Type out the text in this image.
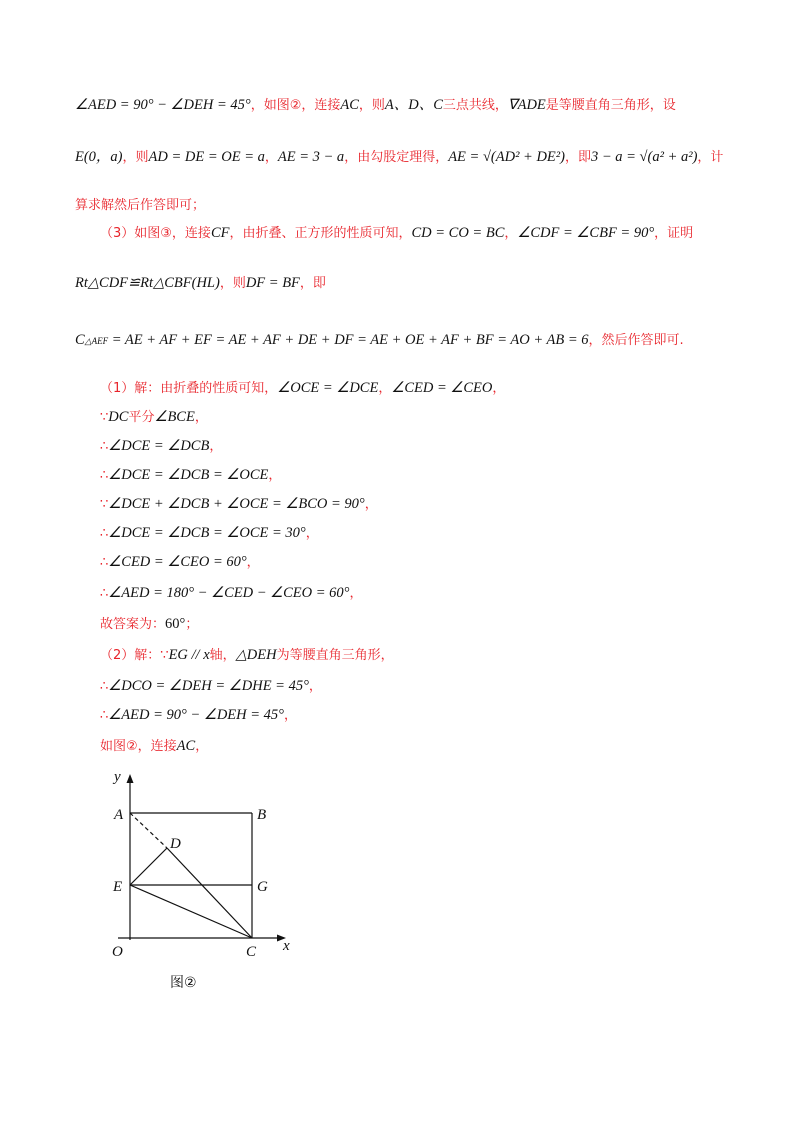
∠AED = 90° − ∠DEH = 45°，如图②，连接AC，则A、D、C三点共线，∇ADE是等腰直角三角形，设
E(0，a)，则AD = DE = OE = a，AE = 3 − a，由勾股定理得，AE = √(AD² + DE²)，即3 − a = √(a² + a²)，计
算求解然后作答即可；
（3）如图③，连接CF，由折叠、正方形的性质可知，CD = CO = BC，∠CDF = ∠CBF = 90°，证明
Rt△CDF≌Rt△CBF(HL)，则DF = BF，即
C△AEF = AE + AF + EF = AE + AF + DE + DF = AE + OE + AF + BF = AO + AB = 6，然后作答即可.
（1）解：由折叠的性质可知，∠OCE = ∠DCE，∠CED = ∠CEO，
∵DC平分∠BCE，
∴∠DCE = ∠DCB，
∴∠DCE = ∠DCB = ∠OCE，
∵∠DCE + ∠DCB + ∠OCE = ∠BCO = 90°，
∴∠DCE = ∠DCB = ∠OCE = 30°，
∴∠CED = ∠CEO = 60°，
∴∠AED = 180° − ∠CED − ∠CEO = 60°，
故答案为：60°；
（2）解：∵EG // x轴，△DEH为等腰直角三角形，
∴∠DCO = ∠DEH = ∠DHE = 45°，
∴∠AED = 90° − ∠DEH = 45°，
如图②，连接AC，
y
x
A	B
D
E	G
O	C
图②
